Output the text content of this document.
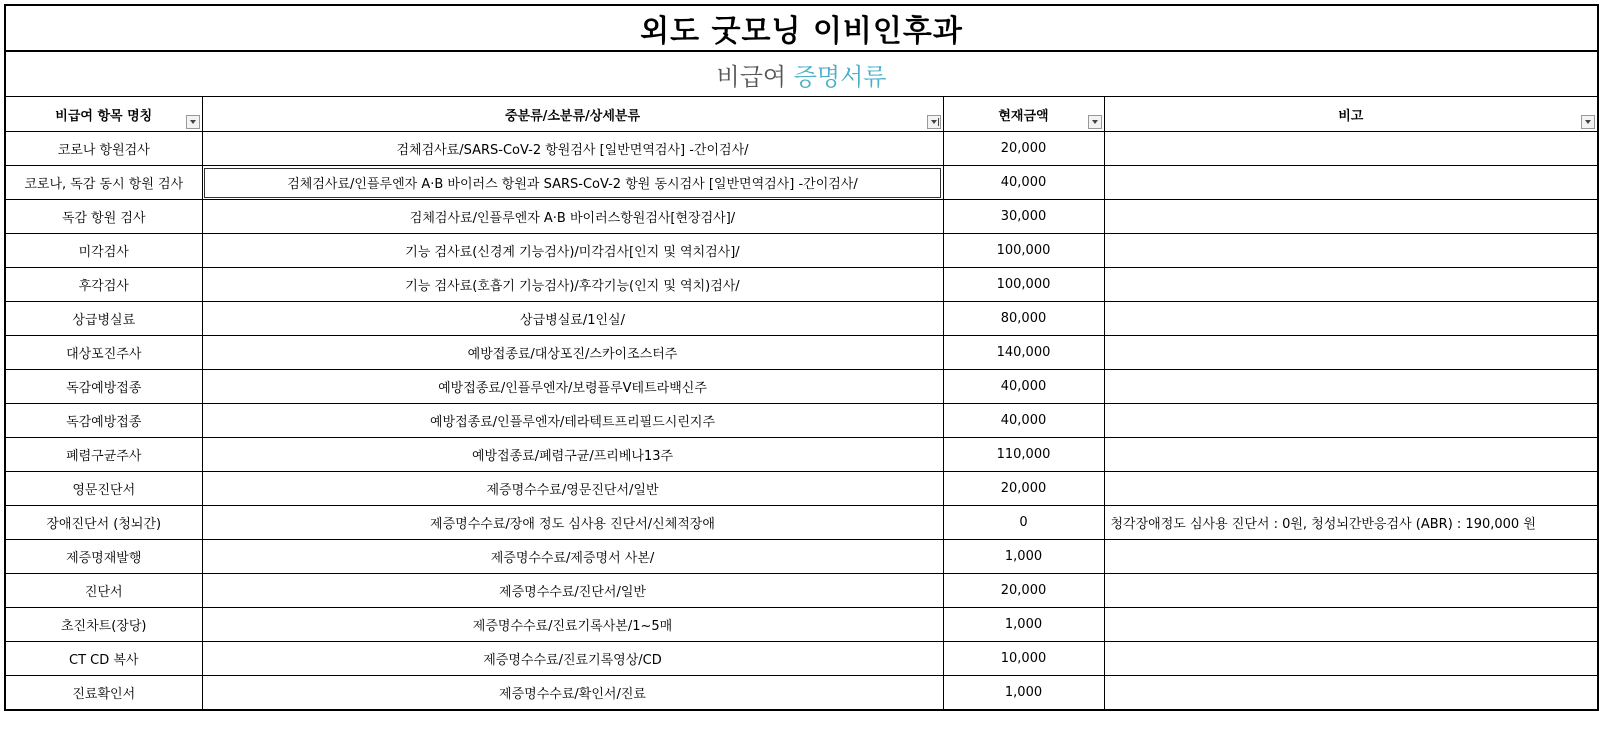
외도 굿모닝 이비인후과			
비급여 증명서류			
비급여 항목 명칭	중분류/소분류/상세분류	현재금액	비고

코로나 항원검사	검체검사료/SARS-CoV-2 항원검사 [일반면역검사] -간이검사/	20,000	
코로나, 독감 동시 항원 검사	검체검사료/인플루엔자 A·B 바이러스 항원과 SARS-CoV-2 항원 동시검사 [일반면역검사] -간이검사/	40,000	
독감 항원 검사	검체검사료/인플루엔자 A·B 바이러스항원검사[현장검사]/	30,000	
미각검사	기능 검사료(신경계 기능검사)/미각검사[인지 및 역치검사]/	100,000	
후각검사	기능 검사료(호흡기 기능검사)/후각기능(인지 및 역치)검사/	100,000	
상급병실료	상급병실료/1인실/	80,000	
대상포진주사	예방접종료/대상포진/스카이조스터주	140,000	
독감예방접종	예방접종료/인플루엔자/보령플루Ⅴ테트라백신주	40,000	
독감예방접종	예방접종료/인플루엔자/테라텍트프리필드시린지주	40,000	
폐렴구균주사	예방접종료/폐렴구균/프리베나13주	110,000	
영문진단서	제증명수수료/영문진단서/일반	20,000	
장애진단서 (청뇌간)	제증명수수료/장애 정도 심사용 진단서/신체적장애	0	청각장애정도 심사용 진단서 : 0원, 청성뇌간반응검사 (ABR) : 190,000 원
제증명재발행	제증명수수료/제증명서 사본/	1,000	
진단서	제증명수수료/진단서/일반	20,000	
초진차트(장당)	제증명수수료/진료기록사본/1~5매	1,000	
CT CD 복사	제증명수수료/진료기록영상/CD	10,000	
진료확인서	제증명수수료/확인서/진료	1,000	
